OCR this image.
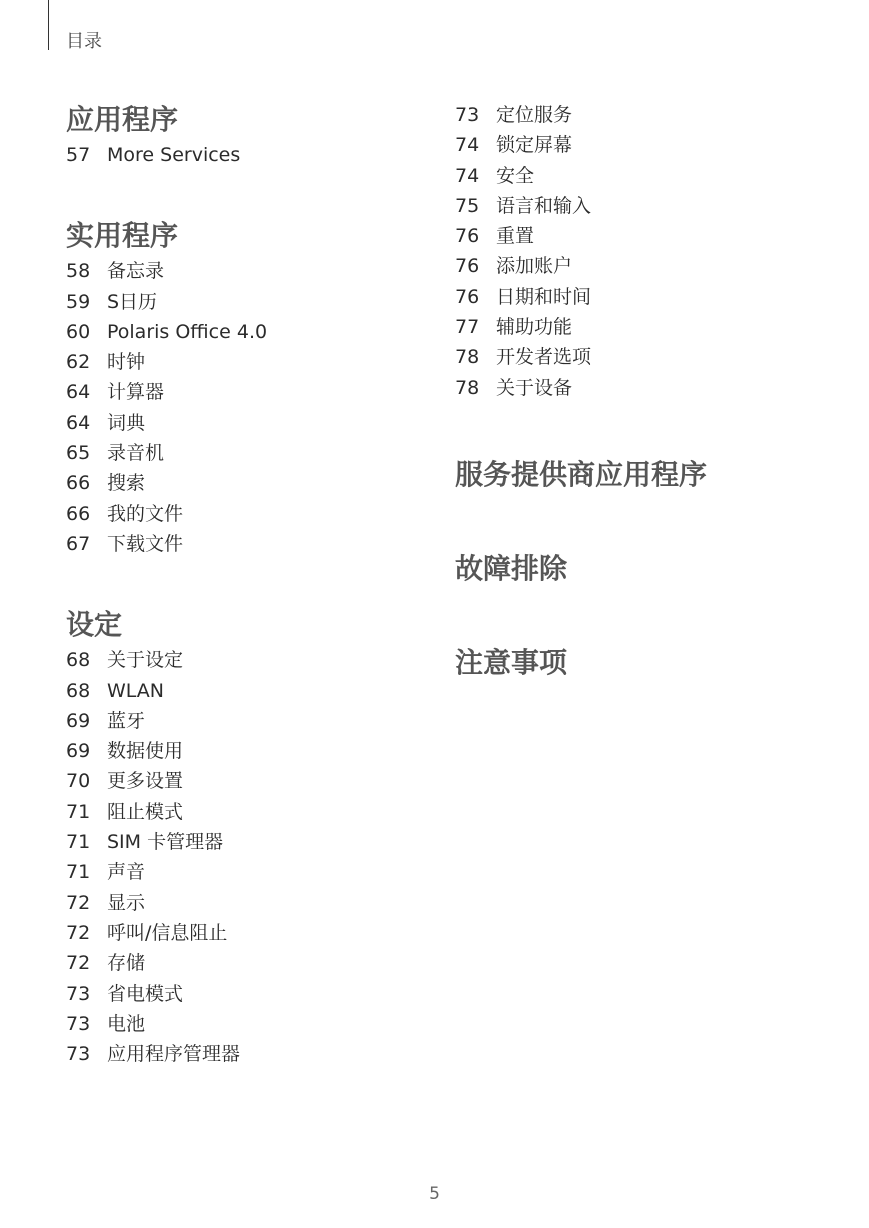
目录
应用程序
57 More Services
实用程序
58 备忘录
59 S日历
60 Polaris Office 4.0
62 时钟
64 计算器
64 词典
65 录音机
66 搜索
66 我的文件
67 下载文件
设定
68 关于设定
68 WLAN
69 蓝牙
69 数据使用
70 更多设置
71 阻止模式
71 SIM 卡管理器
71 声音
72 显示
72 呼叫/信息阻止
72 存储
73 省电模式
73 电池
73 应用程序管理器
73 定位服务
74 锁定屏幕
74 安全
75 语言和输入
76 重置
76 添加账户
76 日期和时间
77 辅助功能
78 开发者选项
78 关于设备
服务提供商应用程序
故障排除
注意事项
5
